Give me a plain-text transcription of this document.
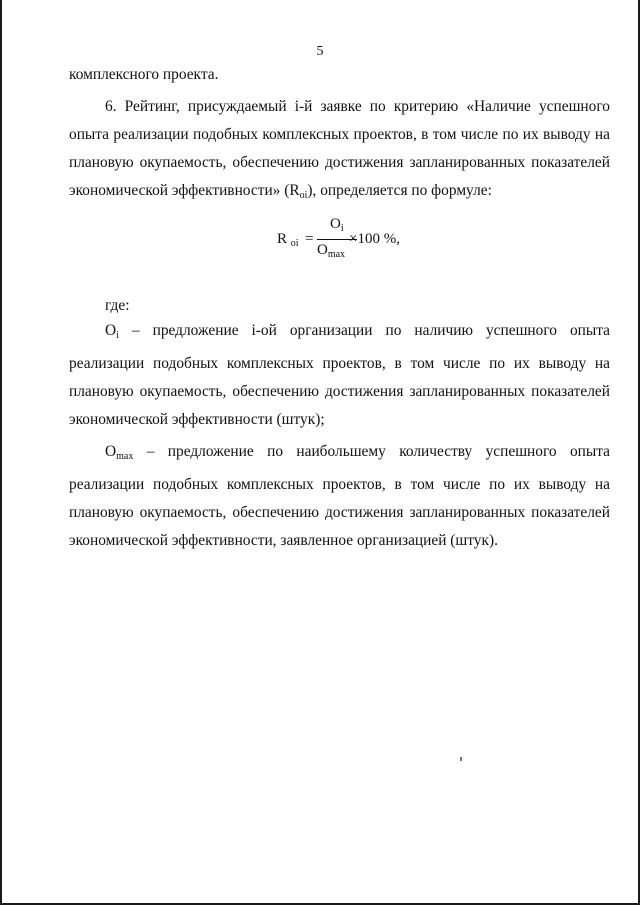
5

комплексного проекта.

6. Рейтинг, присуждаемый i-й заявке по критерию «Наличие успешного опыта реализации подобных комплексных проектов, в том числе по их выводу на плановую окупаемость, обеспечению достижения запланированных показателей экономической эффективности» $(R_{oi})$, определяется по формуле:

R $_{oi}$ =
$O_i$
$O_{max}$
×100 %,
где:

$O_i$ – предложение i-ой организации по наличию успешного опыта реализации подобных комплексных проектов, в том числе по их выводу на плановую окупаемость, обеспечению достижения запланированных показателей экономической эффективности (штук);

$O_{max}$ – предложение по наибольшему количеству успешного опыта реализации подобных комплексных проектов, в том числе по их выводу на плановую окупаемость, обеспечению достижения запланированных показателей экономической эффективности, заявленное организацией (штук).
